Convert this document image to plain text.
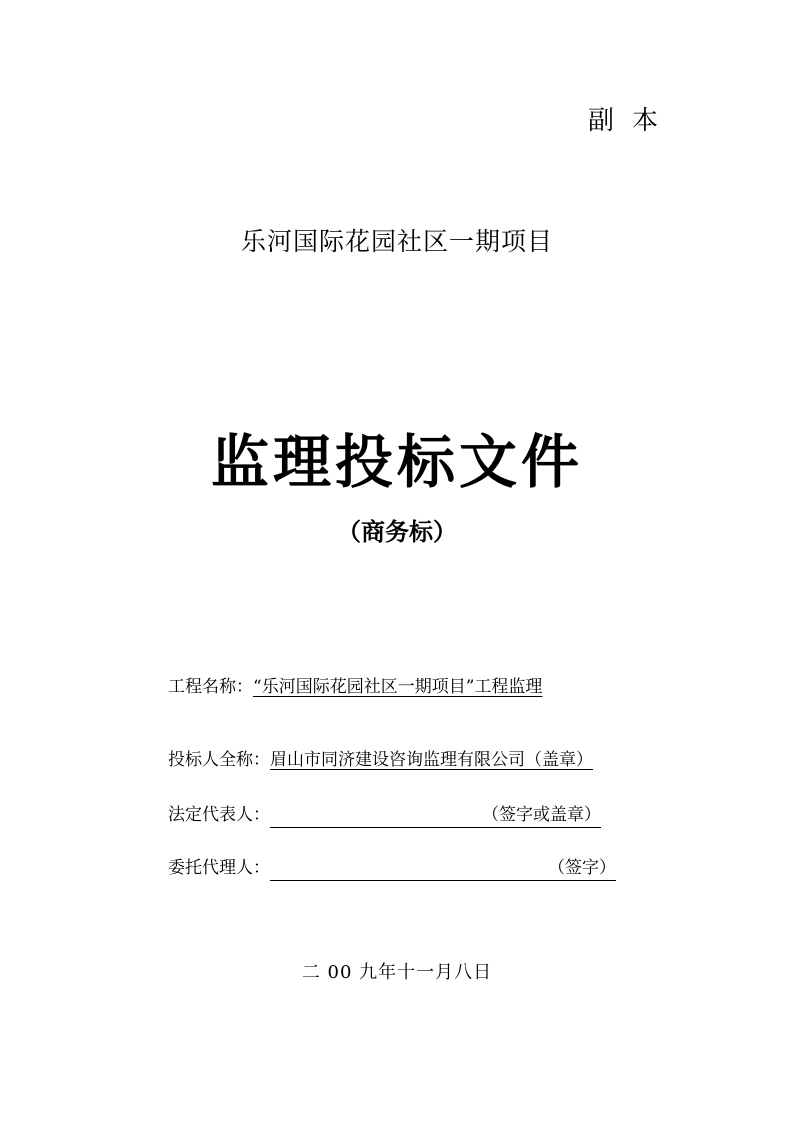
副本
乐河国际花园社区一期项目
监理投标文件
（商务标）
工程名称：“乐河国际花园社区一期项目”工程监理
投标人全称：眉山市同济建设咨询监理有限公司（盖章）
法定代表人：	（签字或盖章）
委托代理人：	（签字）
二 00 九年十一月八日
